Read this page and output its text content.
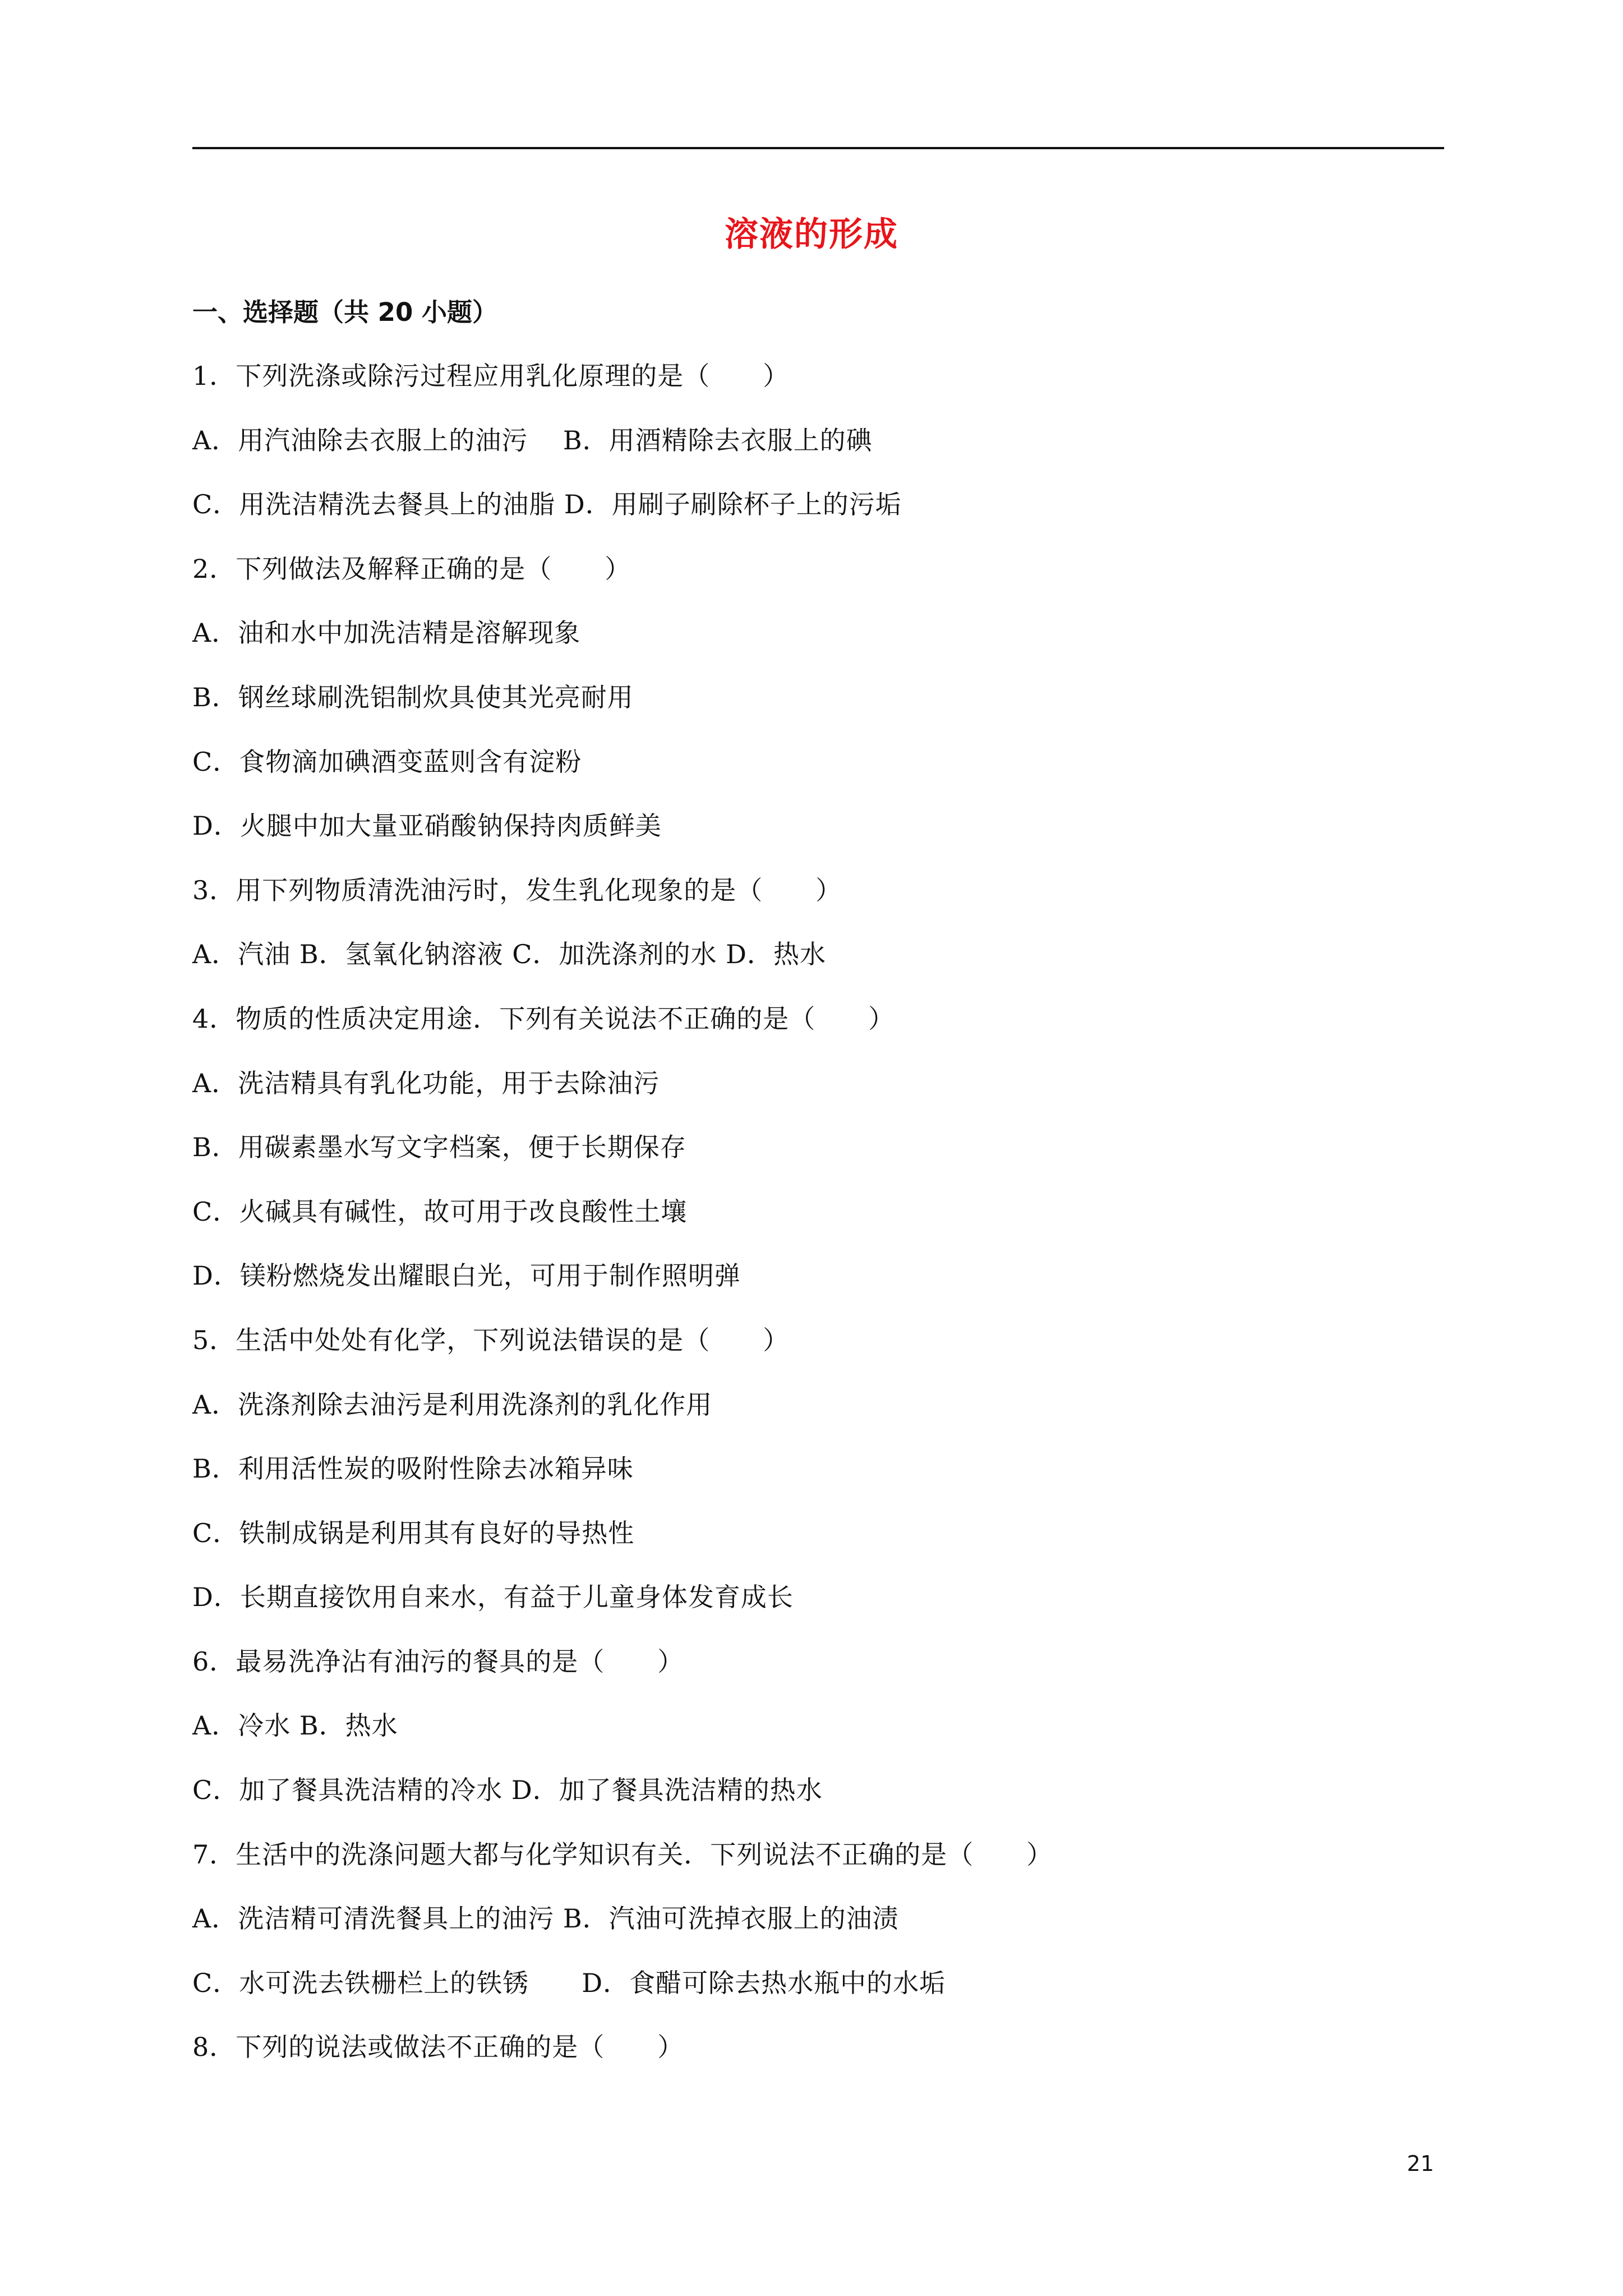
溶液的形成
一、选择题（共 20 小题）
1．下列洗涤或除污过程应用乳化原理的是（　　）
A．用汽油除去衣服上的油污　 B．用酒精除去衣服上的碘
C．用洗洁精洗去餐具上的油脂 D．用刷子刷除杯子上的污垢
2．下列做法及解释正确的是（　　）
A．油和水中加洗洁精是溶解现象
B．钢丝球刷洗铝制炊具使其光亮耐用
C．食物滴加碘酒变蓝则含有淀粉
D．火腿中加大量亚硝酸钠保持肉质鲜美
3．用下列物质清洗油污时，发生乳化现象的是（　　）
A．汽油 B．氢氧化钠溶液 C．加洗涤剂的水 D．热水
4．物质的性质决定用途．下列有关说法不正确的是（　　）
A．洗洁精具有乳化功能，用于去除油污
B．用碳素墨水写文字档案，便于长期保存
C．火碱具有碱性，故可用于改良酸性土壤
D．镁粉燃烧发出耀眼白光，可用于制作照明弹
5．生活中处处有化学，下列说法错误的是（　　）
A．洗涤剂除去油污是利用洗涤剂的乳化作用
B．利用活性炭的吸附性除去冰箱异味
C．铁制成锅是利用其有良好的导热性
D．长期直接饮用自来水，有益于儿童身体发育成长
6．最易洗净沾有油污的餐具的是（　　）
A．冷水 B．热水
C．加了餐具洗洁精的冷水 D．加了餐具洗洁精的热水
7．生活中的洗涤问题大都与化学知识有关．下列说法不正确的是（　　）
A．洗洁精可清洗餐具上的油污 B．汽油可洗掉衣服上的油渍
C．水可洗去铁栅栏上的铁锈　　D．食醋可除去热水瓶中的水垢
8．下列的说法或做法不正确的是（　　）
21
